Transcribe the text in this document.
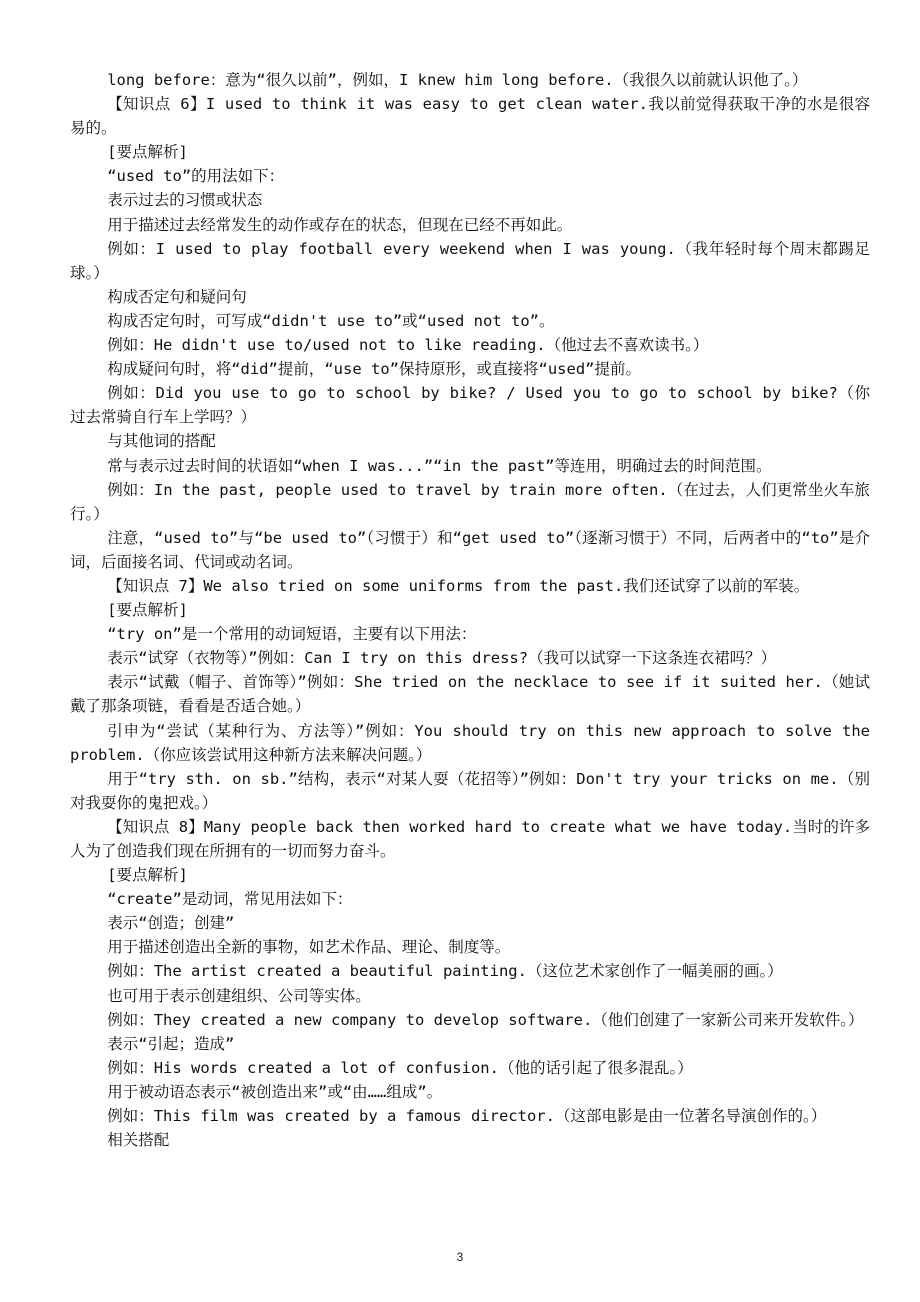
long before：意为“很久以前”，例如，I knew him long before.（我很久以前就认识他了。）

【知识点 6】I used to think it was easy to get clean water.我以前觉得获取干净的水是很容易的。

[要点解析]

“used to”的用法如下：

表示过去的习惯或状态

用于描述过去经常发生的动作或存在的状态，但现在已经不再如此。

例如：I used to play football every weekend when I was young.（我年轻时每个周末都踢足球。）

构成否定句和疑问句

构成否定句时，可写成“didn't use to”或“used not to”。

例如：He didn't use to/used not to like reading.（他过去不喜欢读书。）

构成疑问句时，将“did”提前，“use to”保持原形，或直接将“used”提前。

例如：Did you use to go to school by bike? / Used you to go to school by bike?（你过去常骑自行车上学吗？）

与其他词的搭配

常与表示过去时间的状语如“when I was...”“in the past”等连用，明确过去的时间范围。

例如：In the past, people used to travel by train more often.（在过去，人们更常坐火车旅行。）

注意，“used to”与“be used to”（习惯于）和“get used to”（逐渐习惯于）不同，后两者中的“to”是介词，后面接名词、代词或动名词。

【知识点 7】We also tried on some uniforms from the past.我们还试穿了以前的军装。

[要点解析]

“try on”是一个常用的动词短语，主要有以下用法：

表示“试穿（衣物等）”例如：Can I try on this dress?（我可以试穿一下这条连衣裙吗？）

表示“试戴（帽子、首饰等）”例如：She tried on the necklace to see if it suited her.（她试戴了那条项链，看看是否适合她。）

引申为“尝试（某种行为、方法等）”例如：You should try on this new approach to solve the problem.（你应该尝试用这种新方法来解决问题。）

用于“try sth. on sb.”结构，表示“对某人耍（花招等）”例如：Don't try your tricks on me.（别对我耍你的鬼把戏。）

【知识点 8】Many people back then worked hard to create what we have today.当时的许多人为了创造我们现在所拥有的一切而努力奋斗。

[要点解析]

“create”是动词，常见用法如下：

表示“创造；创建”

用于描述创造出全新的事物，如艺术作品、理论、制度等。

例如：The artist created a beautiful painting.（这位艺术家创作了一幅美丽的画。）

也可用于表示创建组织、公司等实体。

例如：They created a new company to develop software.（他们创建了一家新公司来开发软件。）

表示“引起；造成”

例如：His words created a lot of confusion.（他的话引起了很多混乱。）

用于被动语态表示“被创造出来”或“由……组成”。

例如：This film was created by a famous director.（这部电影是由一位著名导演创作的。）

相关搭配

3
